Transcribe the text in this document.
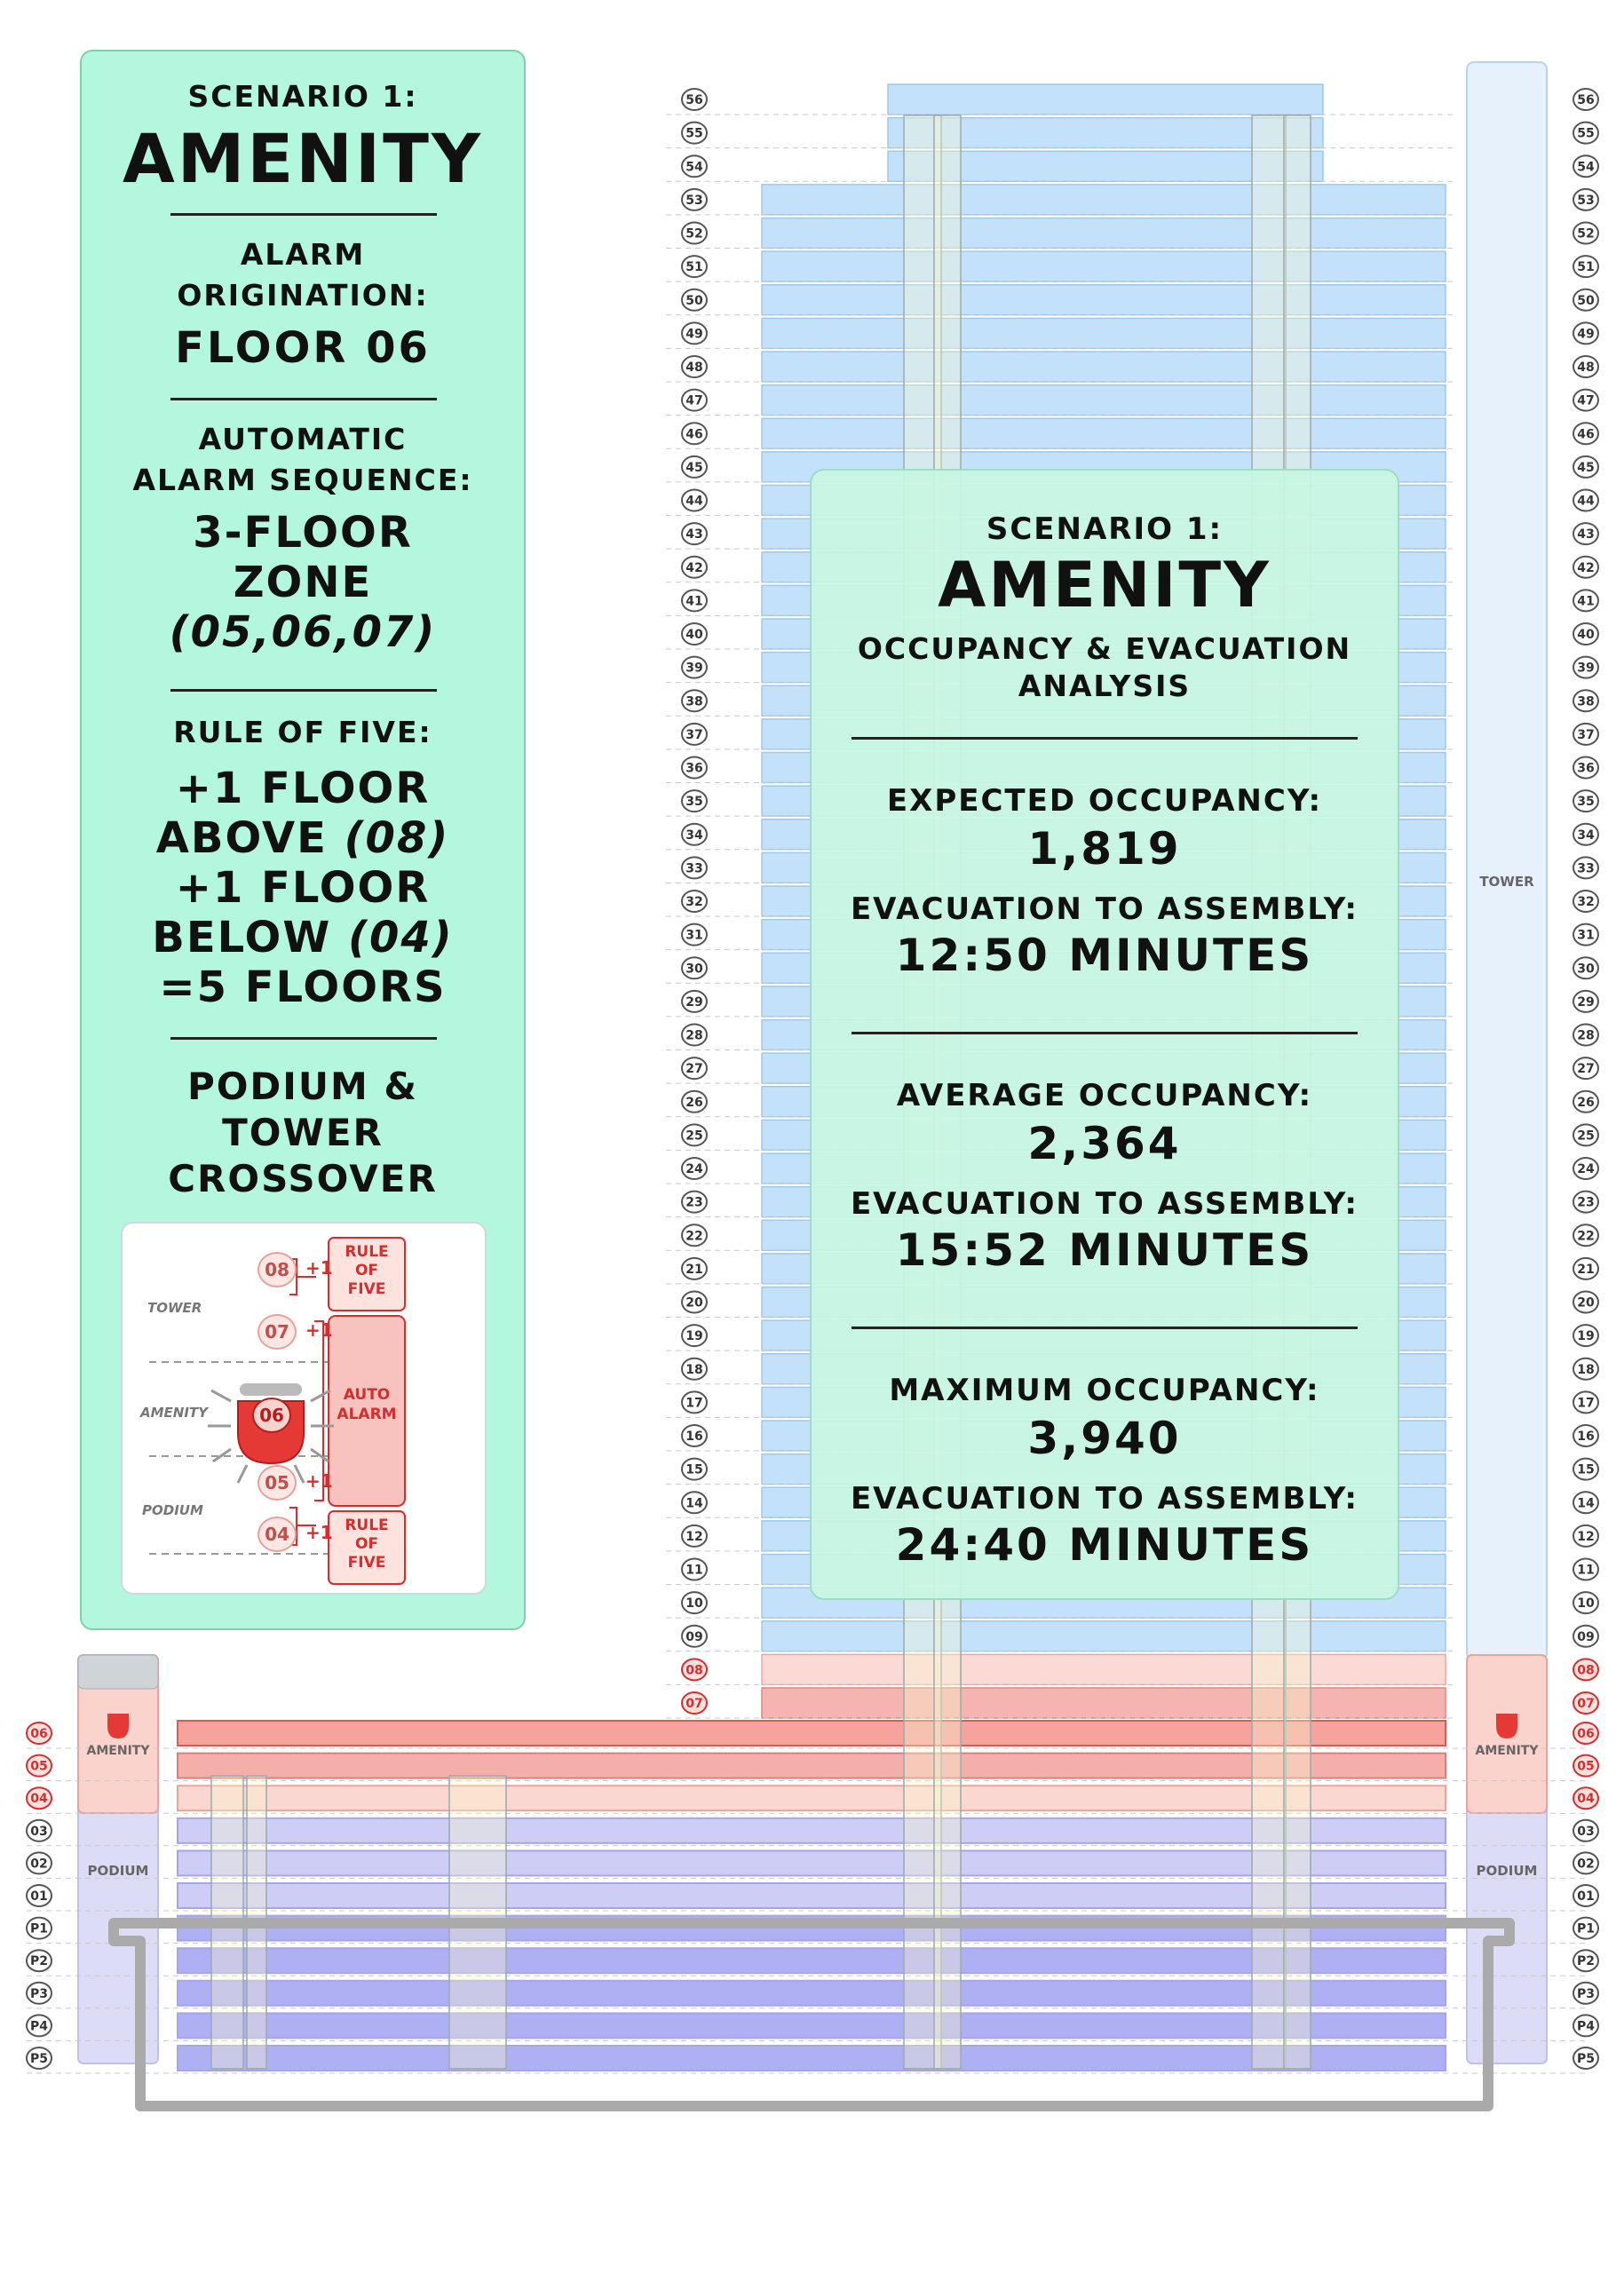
56	56
55	55
54	54
53	53
52	52
51	51
50	50
49	49
48	48
47	47
46	46
45	45
44	44
43	43
42	42
41	41
40	40
39	39
38	38
37	37
36	36
35	35
34	34
33	33
32	32
31	31
30	30
29	29
28	28
27	27
26	26
25	25
24	24
23	23
22	22
21	21
20	20
19	19
18	18
17	17
16	16
15	15
14	14
12	12
11	11
10	10
09	09
08	08
07	07
06	06
05	05
04	04
03	03
02	02
01	01
P1	P1
P2	P2
P3	P3
P4	P4
P5	P5
TOWER
AMENITY
PODIUM
AMENITY
PODIUM
SCENARIO 1:
AMENITY
ALARM
ORIGINATION:
FLOOR 06
AUTOMATIC
ALARM SEQUENCE:
3-FLOOR
ZONE
(05,06,07)
RULE OF FIVE:
+1 FLOOR
ABOVE (08)
+1 FLOOR
BELOW (04)
=5 FLOORS
PODIUM &
TOWER
CROSSOVER
TOWER
AMENITY
PODIUM
08 +1
07 +1
06
05 +1
04 +1
RULE
OF
FIVE
AUTO
ALARM
RULE
OF
FIVE
SCENARIO 1:
AMENITY
OCCUPANCY & EVACUATION
ANALYSIS
EXPECTED OCCUPANCY:
1,819
EVACUATION TO ASSEMBLY:
12:50 MINUTES
AVERAGE OCCUPANCY:
2,364
EVACUATION TO ASSEMBLY:
15:52 MINUTES
MAXIMUM OCCUPANCY:
3,940
EVACUATION TO ASSEMBLY:
24:40 MINUTES
